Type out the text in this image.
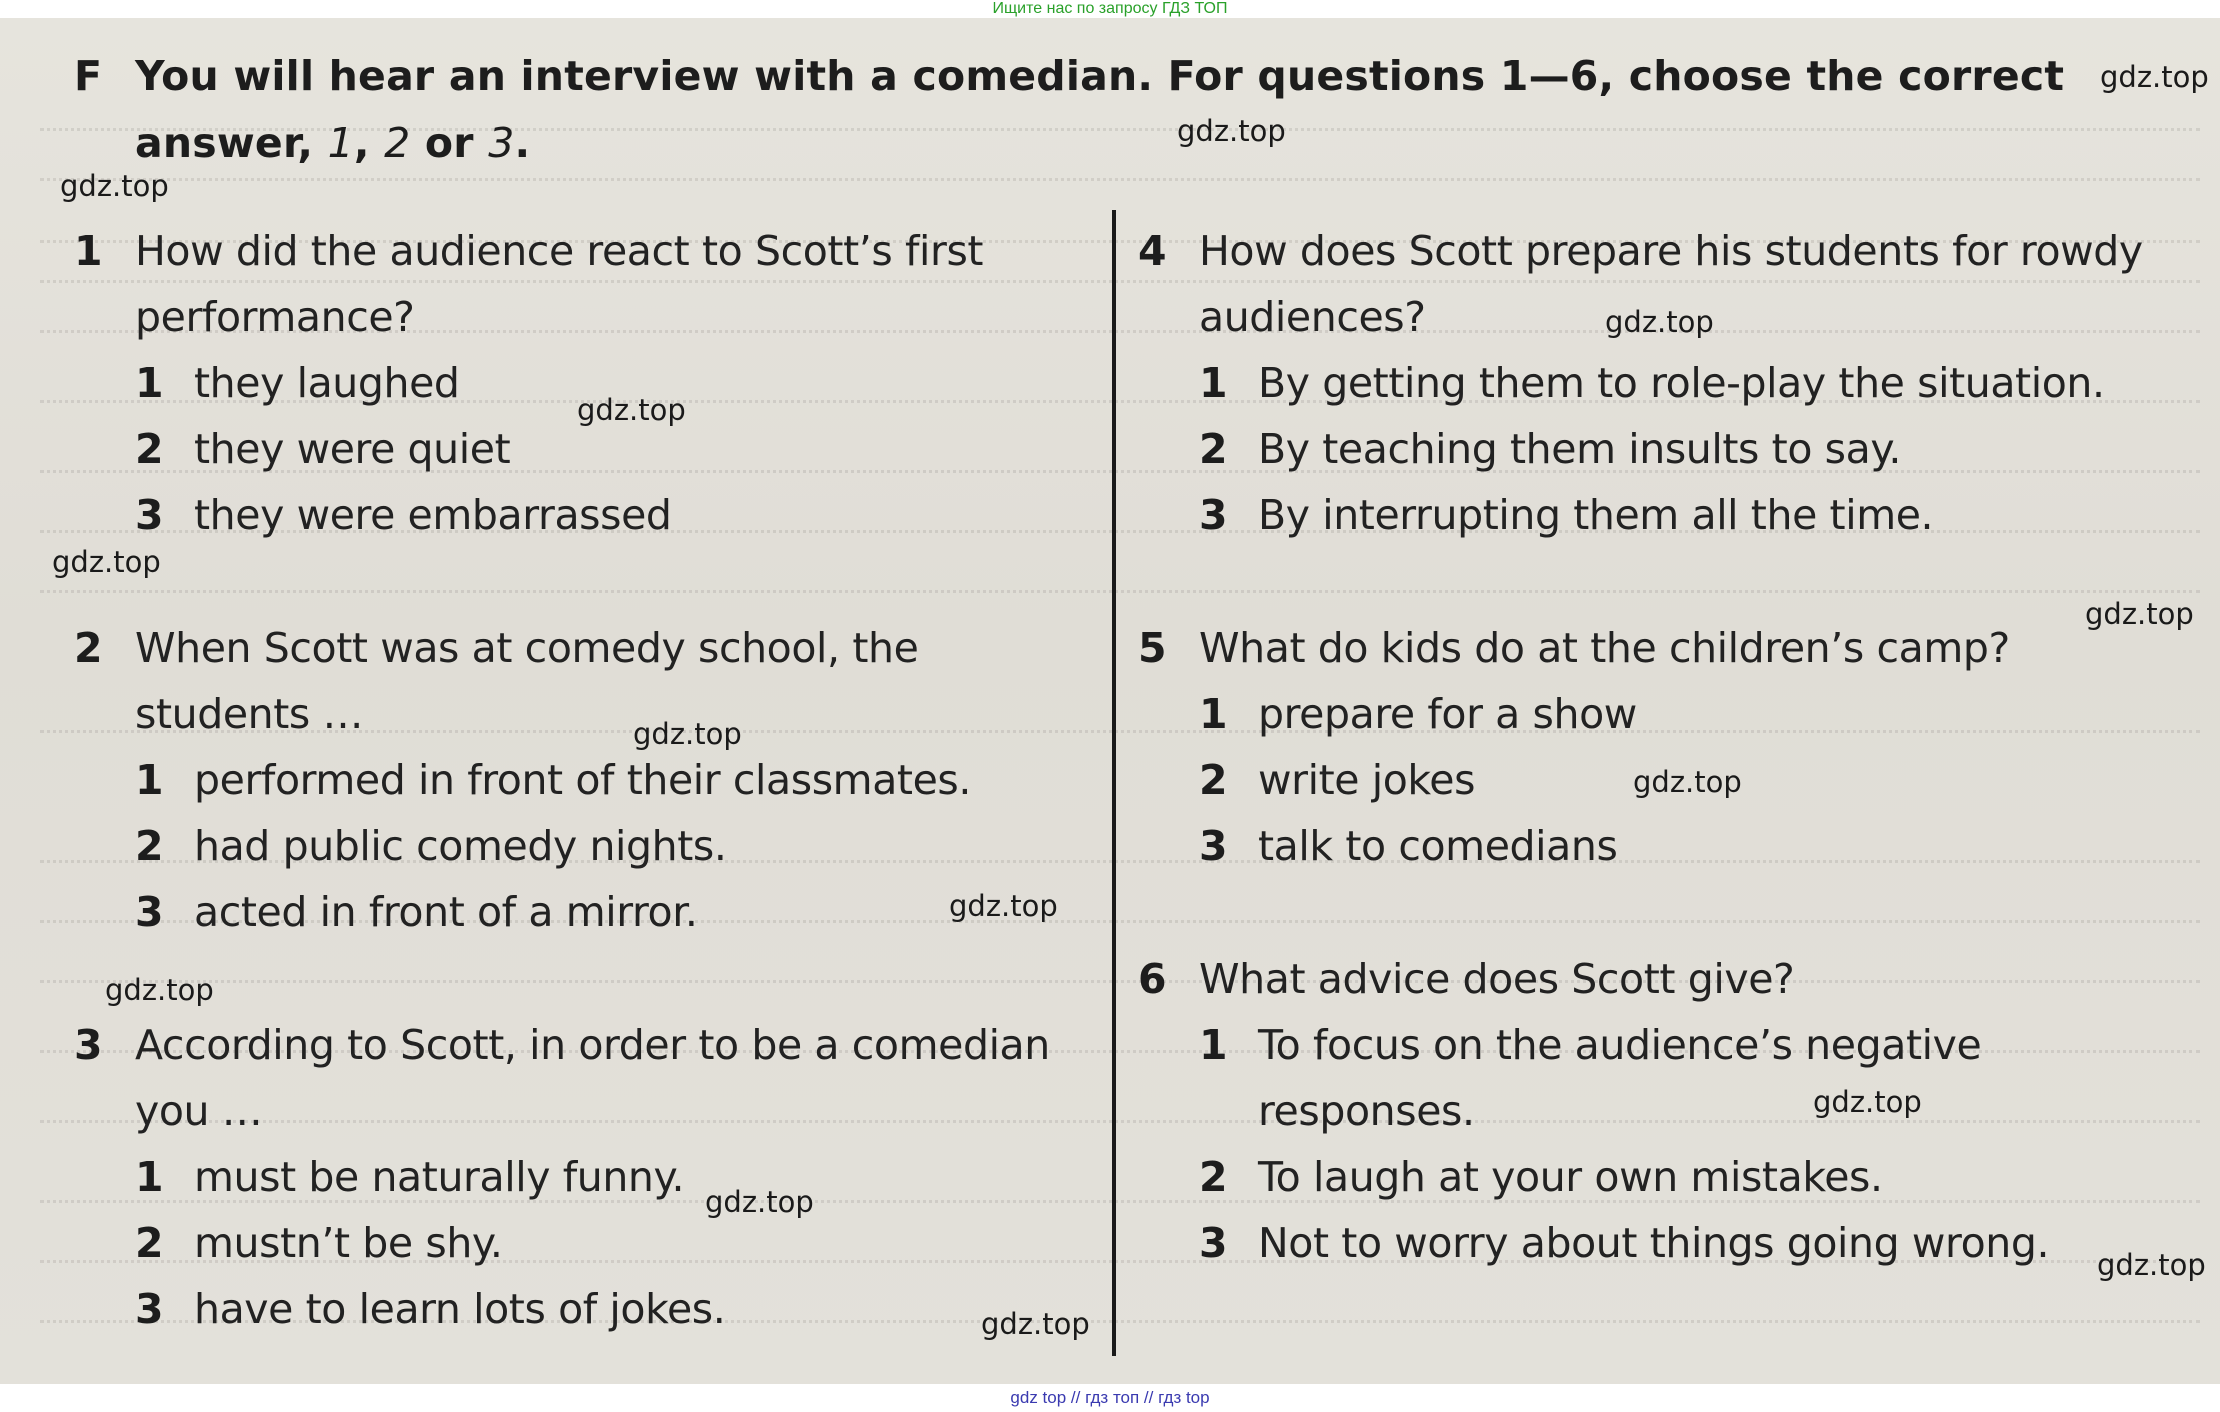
Ищите нас по запросу ГДЗ ТОП
F You will hear an interview with a comedian. For questions 1—6, choose the correct
answer, 1, 2 or 3.
1 How did the audience react to Scott’s first
performance?
1 they laughed
2 they were quiet
3 they were embarrassed
2 When Scott was at comedy school, the
students …
1 performed in front of their classmates.
2 had public comedy nights.
3 acted in front of a mirror.
3 According to Scott, in order to be a comedian
you …
1 must be naturally funny.
2 mustn’t be shy.
3 have to learn lots of jokes.
4 How does Scott prepare his students for rowdy
audiences?
1 By getting them to role-play the situation.
2 By teaching them insults to say.
3 By interrupting them all the time.
5 What do kids do at the children’s camp?
1 prepare for a show
2 write jokes
3 talk to comedians
6 What advice does Scott give?
1 To focus on the audience’s negative
responses.
2 To laugh at your own mistakes.
3 Not to worry about things going wrong.
gdz.top
gdz.top
gdz.top
gdz.top
gdz.top
gdz.top
gdz.top
gdz.top
gdz.top
gdz.top
gdz.top
gdz.top
gdz.top
gdz.top
gdz.top
gdz top // гдз топ // гдз top
